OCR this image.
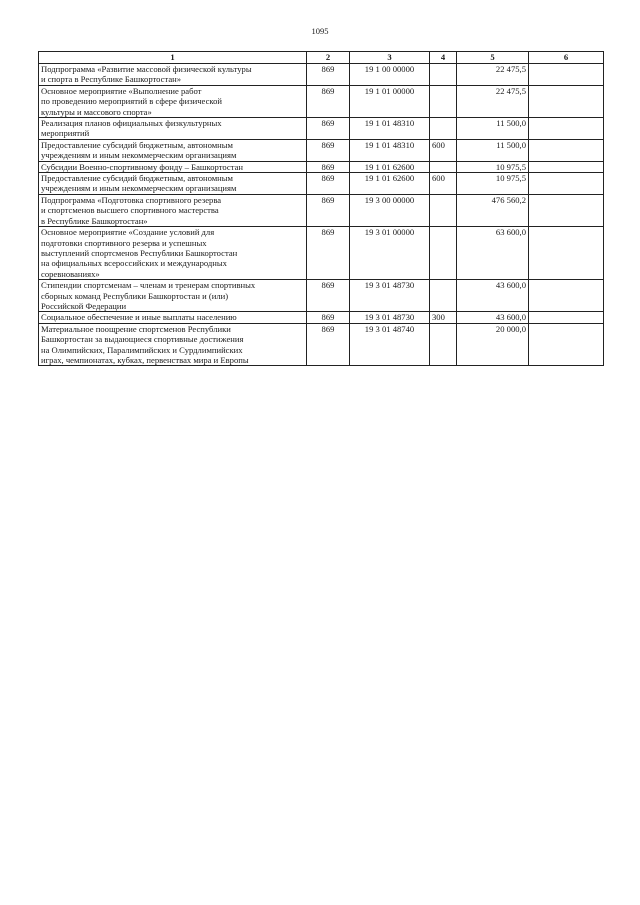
1095
1	2	3	4	5	6
Подпрограмма «Развитие массовой физической культуры
и спорта в Республике Башкортостан»	869	19 1 00 00000		22 475,5	
Основное мероприятие «Выполнение работ
по проведению мероприятий в сфере физической
культуры и массового спорта»	869	19 1 01 00000		22 475,5	
Реализация планов официальных физкультурных
мероприятий	869	19 1 01 48310		11 500,0	
Предоставление субсидий бюджетным, автономным
учреждениям и иным некоммерческим организациям	869	19 1 01 48310	600	11 500,0	
Субсидии Военно-спортивному фонду – Башкортостан	869	19 1 01 62600		10 975,5	
Предоставление субсидий бюджетным, автономным
учреждениям и иным некоммерческим организациям	869	19 1 01 62600	600	10 975,5	
Подпрограмма «Подготовка спортивного резерва
и спортсменов высшего спортивного мастерства
в Республике Башкортостан»	869	19 3 00 00000		476 560,2	
Основное мероприятие «Создание условий для
подготовки спортивного резерва и успешных
выступлений спортсменов Республики Башкортостан
на официальных всероссийских и международных
соревнованиях»	869	19 3 01 00000		63 600,0	
Стипендии спортсменам – членам и тренерам спортивных
сборных команд Республики Башкортостан и (или)
Российской Федерации	869	19 3 01 48730		43 600,0	
Социальное обеспечение и иные выплаты населению	869	19 3 01 48730	300	43 600,0	
Материальное поощрение спортсменов Республики
Башкортостан за выдающиеся спортивные достижения
на Олимпийских, Паралимпийских и Сурдлимпийских
играх, чемпионатах, кубках, первенствах мира и Европы	869	19 3 01 48740		20 000,0	
